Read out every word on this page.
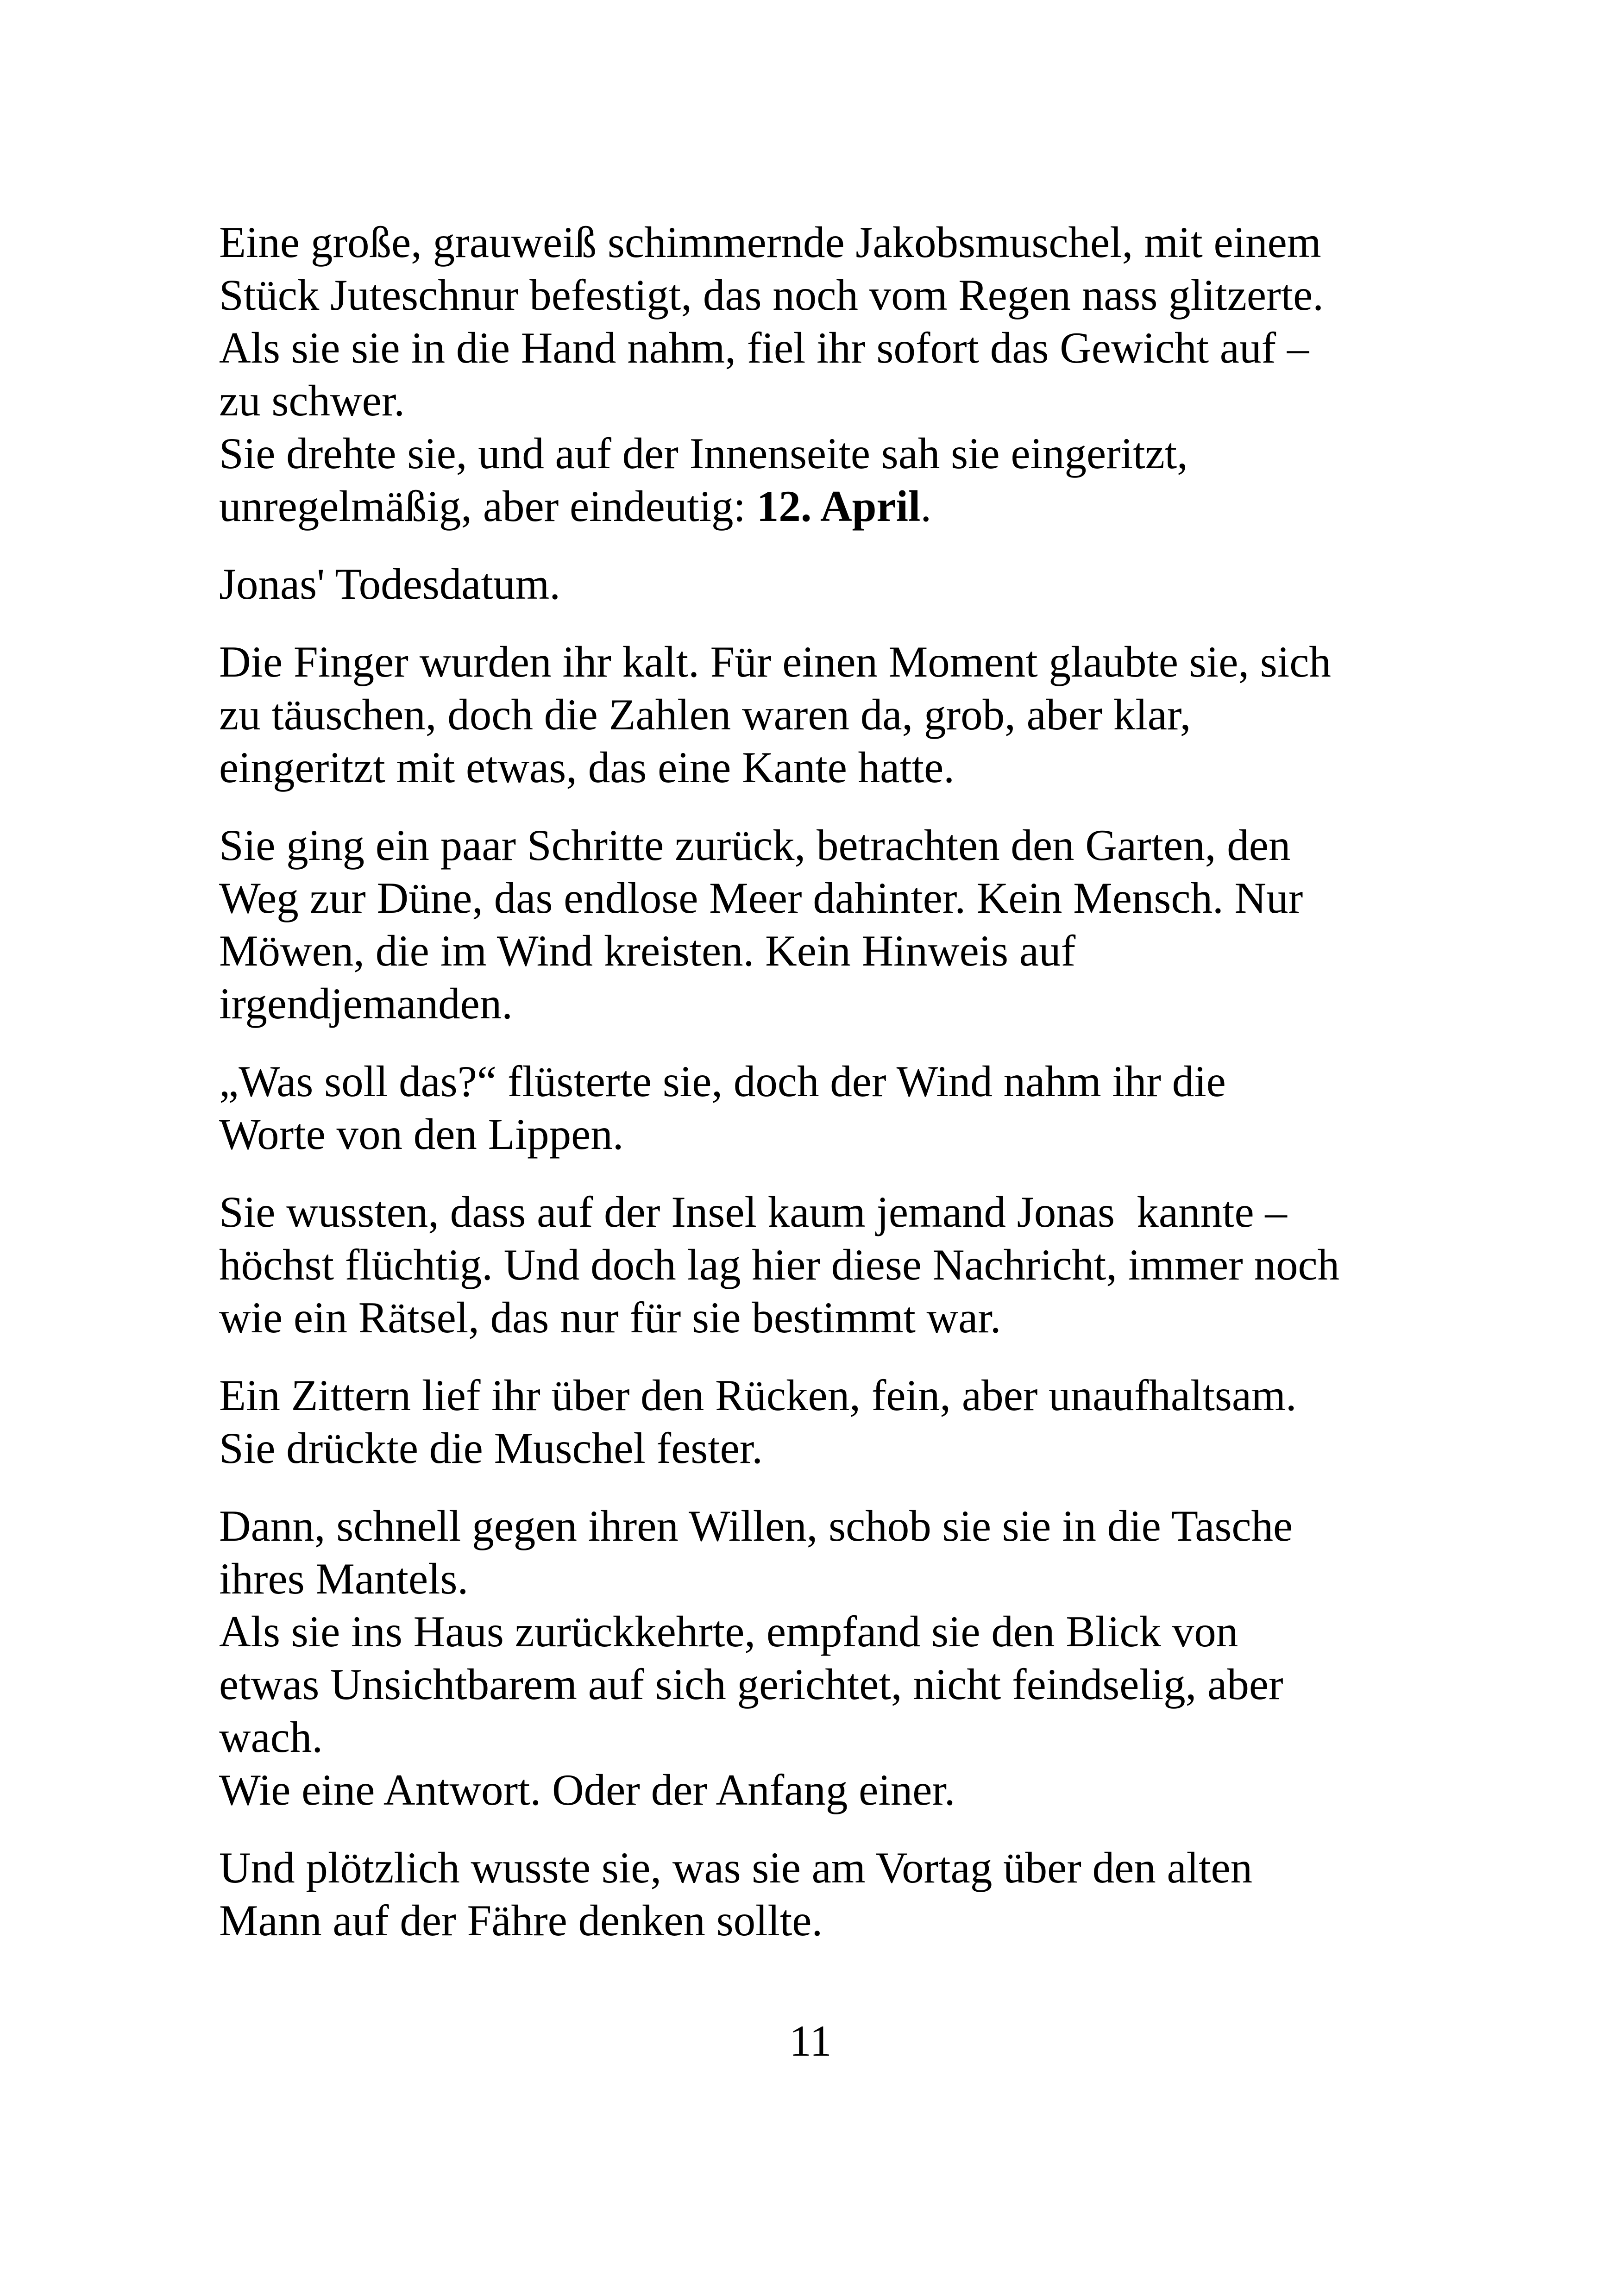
Eine große, grauweiß schimmernde Jakobsmuschel, mit einem
Stück Juteschnur befestigt, das noch vom Regen nass glitzerte.
Als sie sie in die Hand nahm, fiel ihr sofort das Gewicht auf –
zu schwer.
Sie drehte sie, und auf der Innenseite sah sie eingeritzt,
unregelmäßig, aber eindeutig: 12. April.

Jonas' Todesdatum.

Die Finger wurden ihr kalt. Für einen Moment glaubte sie, sich
zu täuschen, doch die Zahlen waren da, grob, aber klar,
eingeritzt mit etwas, das eine Kante hatte.

Sie ging ein paar Schritte zurück, betrachten den Garten, den
Weg zur Düne, das endlose Meer dahinter. Kein Mensch. Nur
Möwen, die im Wind kreisten. Kein Hinweis auf
irgendjemanden.

„Was soll das?“ flüsterte sie, doch der Wind nahm ihr die
Worte von den Lippen.

Sie wussten, dass auf der Insel kaum jemand Jonas  kannte –
höchst flüchtig. Und doch lag hier diese Nachricht, immer noch
wie ein Rätsel, das nur für sie bestimmt war.

Ein Zittern lief ihr über den Rücken, fein, aber unaufhaltsam.
Sie drückte die Muschel fester.

Dann, schnell gegen ihren Willen, schob sie sie in die Tasche
ihres Mantels.
Als sie ins Haus zurückkehrte, empfand sie den Blick von
etwas Unsichtbarem auf sich gerichtet, nicht feindselig, aber
wach.
Wie eine Antwort. Oder der Anfang einer.

Und plötzlich wusste sie, was sie am Vortag über den alten
Mann auf der Fähre denken sollte.

11
